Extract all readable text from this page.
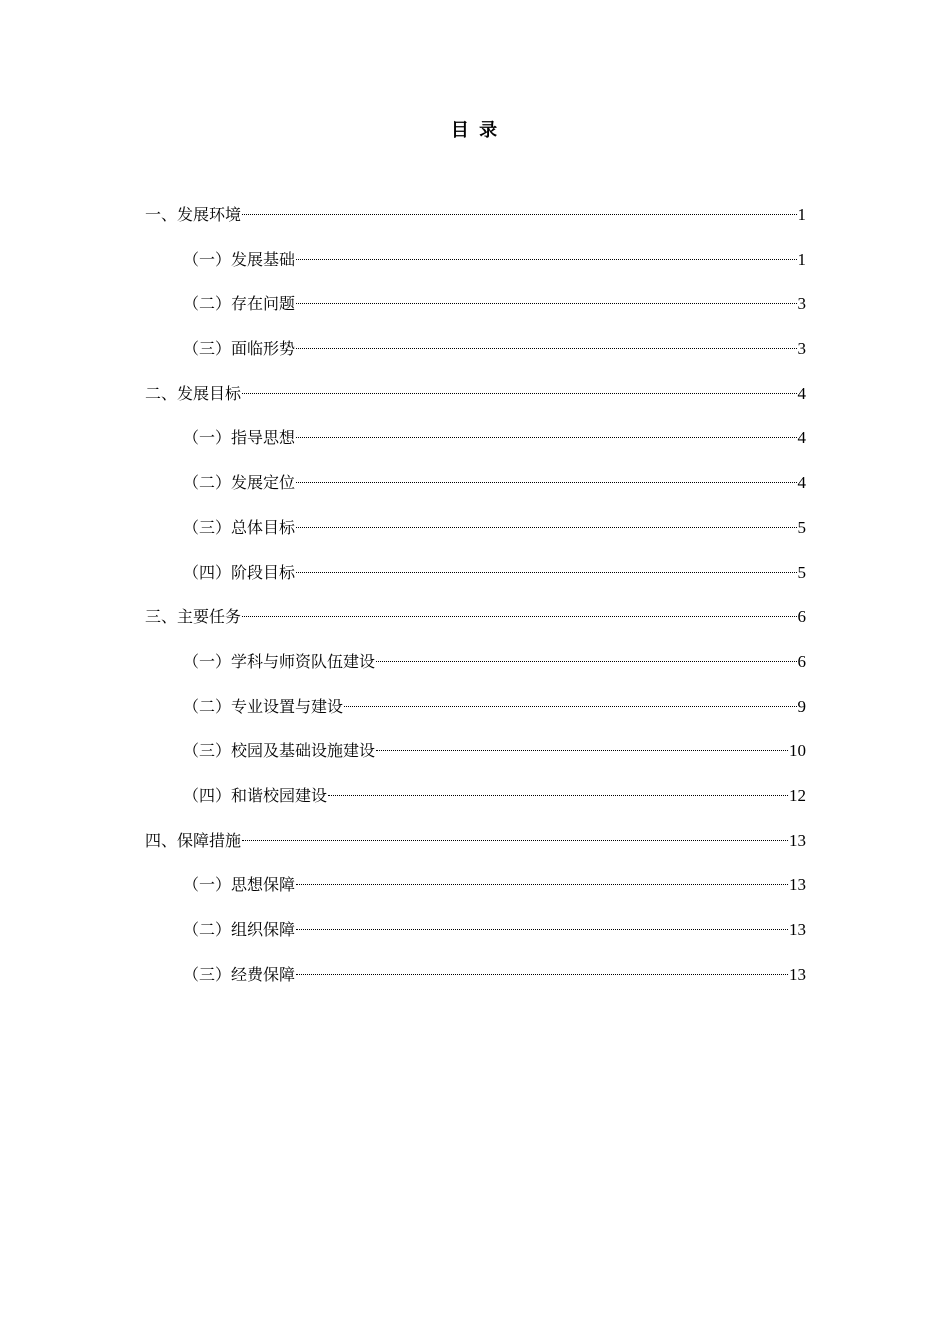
目 录
一、发展环境	1
（一）发展基础	1
（二）存在问题	3
（三）面临形势	3
二、发展目标	4
（一）指导思想	4
（二）发展定位	4
（三）总体目标	5
（四）阶段目标	5
三、主要任务	6
（一）学科与师资队伍建设	6
（二）专业设置与建设	9
（三）校园及基础设施建设	10
（四）和谐校园建设	12
四、保障措施	13
（一）思想保障	13
（二）组织保障	13
（三）经费保障	13
